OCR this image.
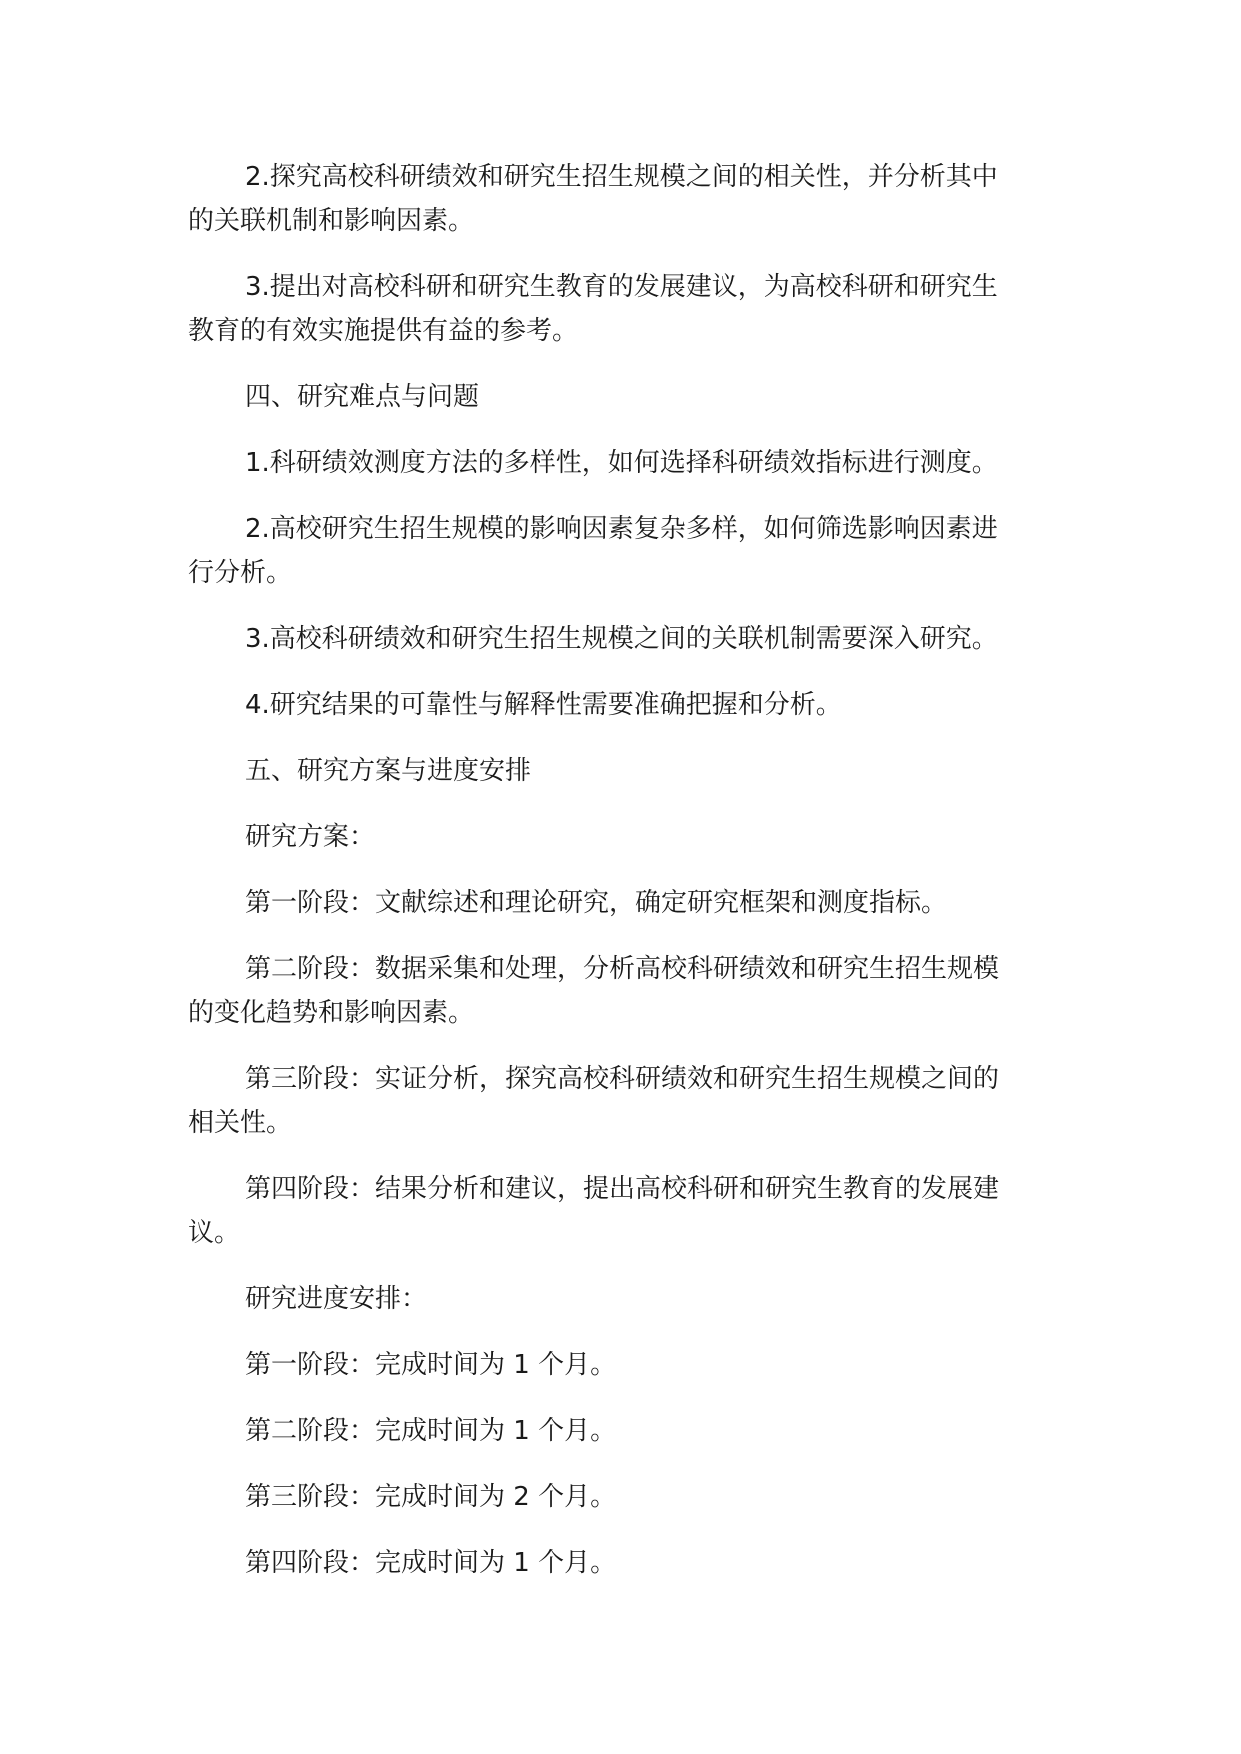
2.探究高校科研绩效和研究生招生规模之间的相关性，并分析其中
的关联机制和影响因素。

3.提出对高校科研和研究生教育的发展建议，为高校科研和研究生
教育的有效实施提供有益的参考。

四、研究难点与问题

1.科研绩效测度方法的多样性，如何选择科研绩效指标进行测度。

2.高校研究生招生规模的影响因素复杂多样，如何筛选影响因素进
行分析。

3.高校科研绩效和研究生招生规模之间的关联机制需要深入研究。

4.研究结果的可靠性与解释性需要准确把握和分析。

五、研究方案与进度安排

研究方案：

第一阶段：文献综述和理论研究，确定研究框架和测度指标。

第二阶段：数据采集和处理，分析高校科研绩效和研究生招生规模
的变化趋势和影响因素。

第三阶段：实证分析，探究高校科研绩效和研究生招生规模之间的
相关性。

第四阶段：结果分析和建议，提出高校科研和研究生教育的发展建
议。

研究进度安排：

第一阶段：完成时间为 1 个月。

第二阶段：完成时间为 1 个月。

第三阶段：完成时间为 2 个月。

第四阶段：完成时间为 1 个月。
